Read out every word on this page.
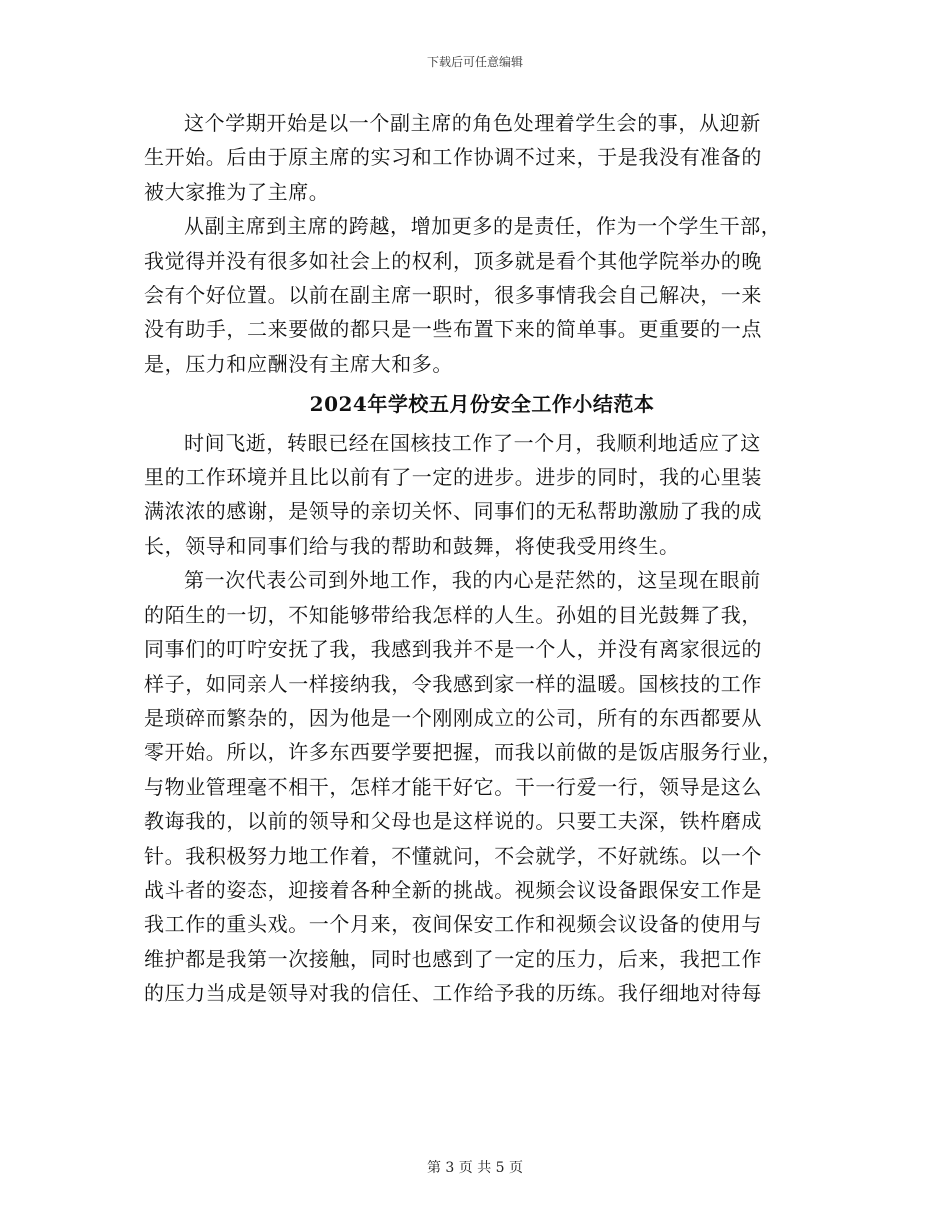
下载后可任意编辑

这个学期开始是以一个副主席的角色处理着学生会的事，从迎新
生开始。后由于原主席的实习和工作协调不过来，于是我没有准备的
被大家推为了主席。

从副主席到主席的跨越，增加更多的是责任，作为一个学生干部，
我觉得并没有很多如社会上的权利，顶多就是看个其他学院举办的晚
会有个好位置。以前在副主席一职时，很多事情我会自己解决，一来
没有助手，二来要做的都只是一些布置下来的简单事。更重要的一点
是，压力和应酬没有主席大和多。

2024年学校五月份安全工作小结范本

时间飞逝，转眼已经在国核技工作了一个月，我顺利地适应了这
里的工作环境并且比以前有了一定的进步。进步的同时，我的心里装
满浓浓的感谢，是领导的亲切关怀、同事们的无私帮助激励了我的成
长，领导和同事们给与我的帮助和鼓舞，将使我受用终生。

第一次代表公司到外地工作，我的内心是茫然的，这呈现在眼前
的陌生的一切，不知能够带给我怎样的人生。孙姐的目光鼓舞了我，
同事们的叮咛安抚了我，我感到我并不是一个人，并没有离家很远的
样子，如同亲人一样接纳我，令我感到家一样的温暖。国核技的工作
是琐碎而繁杂的，因为他是一个刚刚成立的公司，所有的东西都要从
零开始。所以，许多东西要学要把握，而我以前做的是饭店服务行业，
与物业管理毫不相干，怎样才能干好它。干一行爱一行，领导是这么
教诲我的，以前的领导和父母也是这样说的。只要工夫深，铁杵磨成
针。我积极努力地工作着，不懂就问，不会就学，不好就练。以一个
战斗者的姿态，迎接着各种全新的挑战。视频会议设备跟保安工作是
我工作的重头戏。一个月来，夜间保安工作和视频会议设备的使用与
维护都是我第一次接触，同时也感到了一定的压力，后来，我把工作
的压力当成是领导对我的信任、工作给予我的历练。我仔细地对待每

第 3 页 共 5 页
